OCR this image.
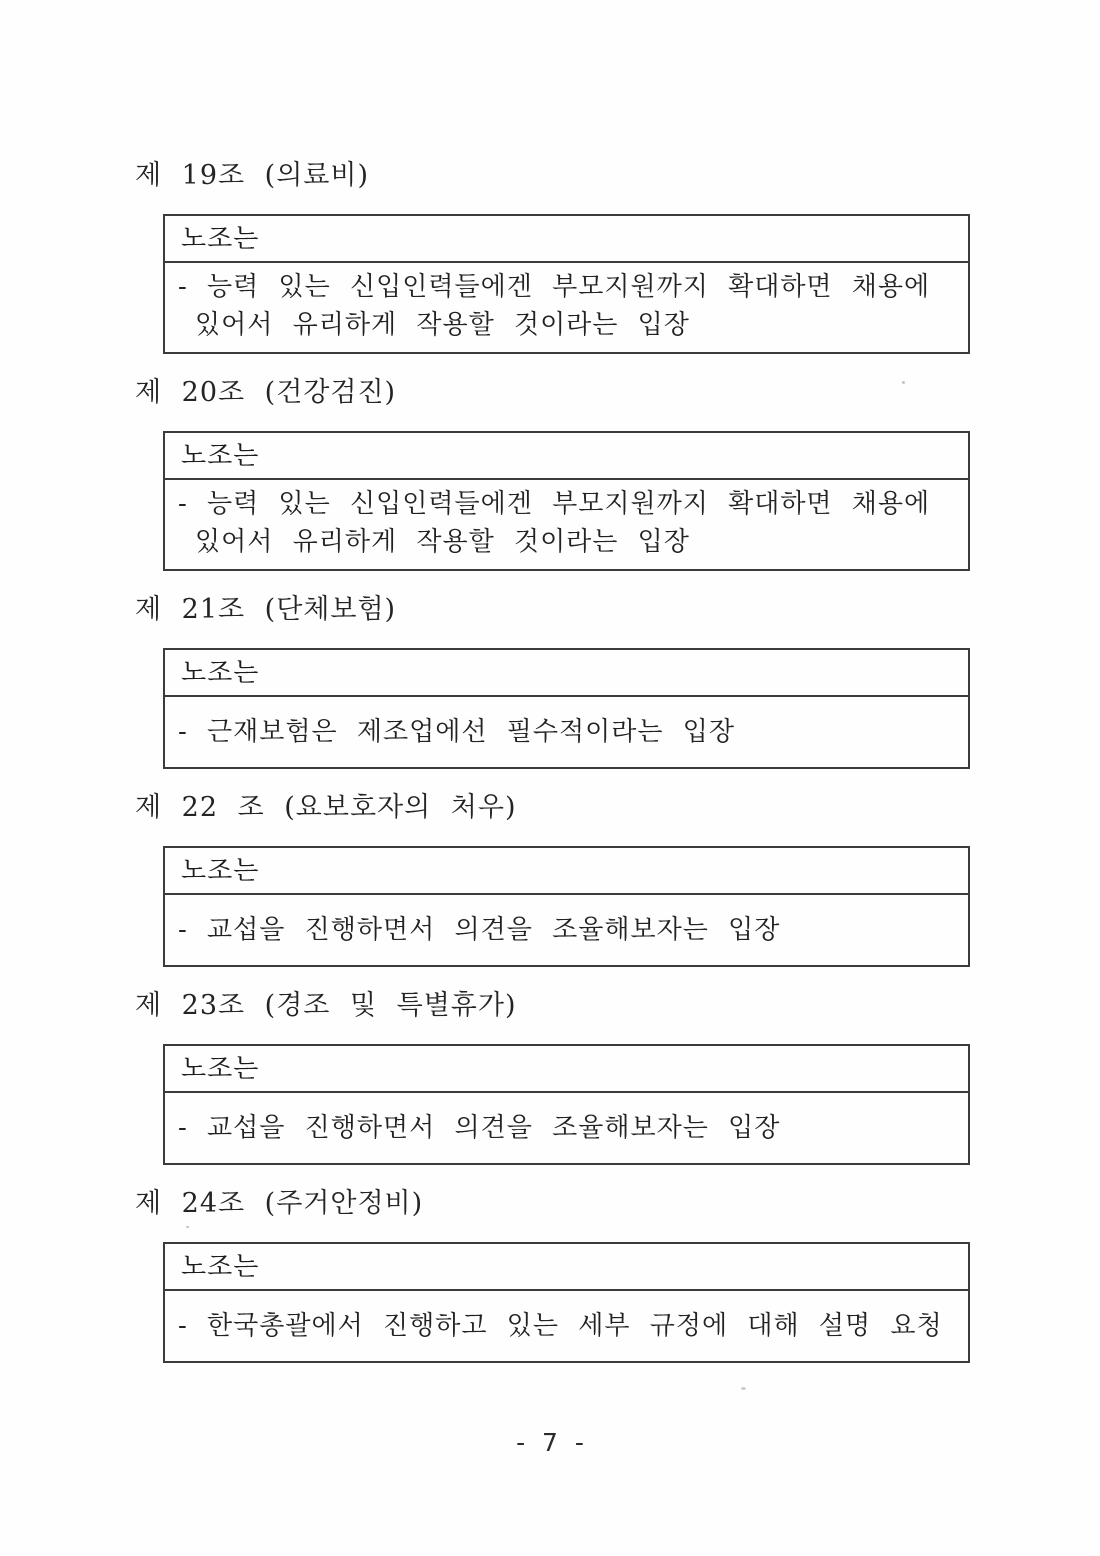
제 19조 (의료비)
노조는
- 능력 있는 신입인력들에겐 부모지원까지 확대하면 채용에
있어서 유리하게 작용할 것이라는 입장
제 20조 (건강검진)
노조는
- 능력 있는 신입인력들에겐 부모지원까지 확대하면 채용에
있어서 유리하게 작용할 것이라는 입장
제 21조 (단체보험)
노조는
- 근재보험은 제조업에선 필수적이라는 입장
제 22 조 (요보호자의 처우)
노조는
- 교섭을 진행하면서 의견을 조율해보자는 입장
제 23조 (경조 및 특별휴가)
노조는
- 교섭을 진행하면서 의견을 조율해보자는 입장
제 24조 (주거안정비)
노조는
- 한국총괄에서 진행하고 있는 세부 규정에 대해 설명 요청
- 7 -
